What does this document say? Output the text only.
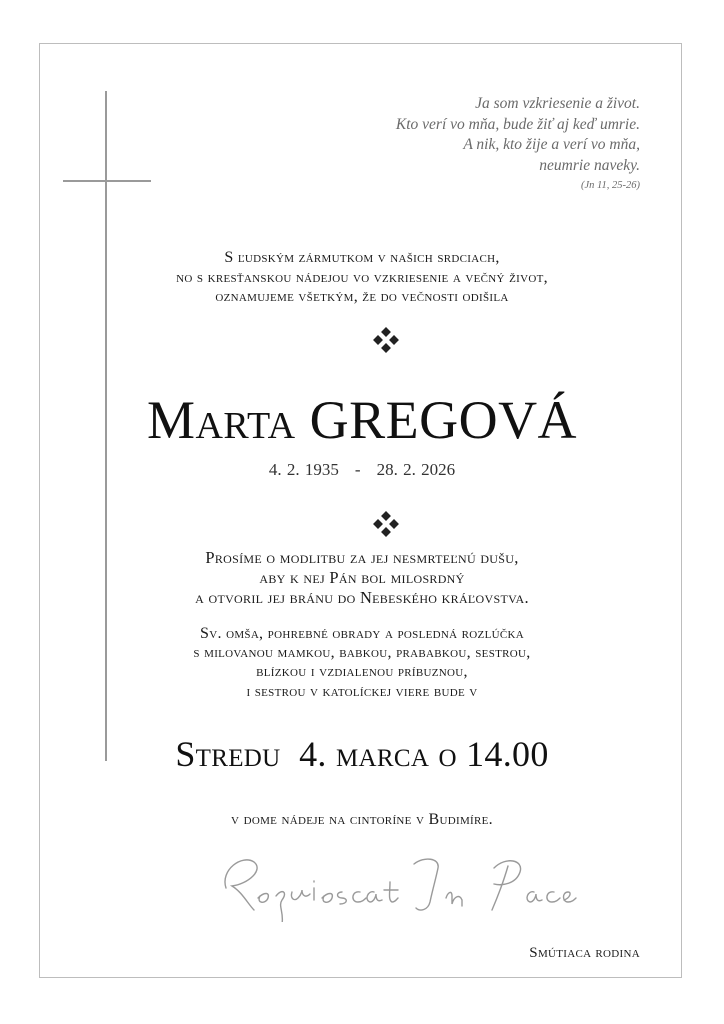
Ja som vzkriesenie a život.
Kto verí vo mňa, bude žiť aj keď umrie.
A nik, kto žije a verí vo mňa,
neumrie naveky.
(Jn 11, 25-26)
S ľudským zármutkom v našich srdciach,
no s kresťanskou nádejou vo vzkriesenie a večný život,
oznamujeme všetkým, že do večnosti odišila
Marta GREGOVÁ
4. 2. 1935 - 28. 2. 2026
Prosíme o modlitbu za jej nesmrteľnú dušu,
aby k nej Pán bol milosrdný
a otvoril jej bránu do Nebeského kráľovstva.
Sv. omša, pohrebné obrady a posledná rozlúčka
s milovanou mamkou, babkou, prababkou, sestrou,
blízkou i vzdialenou príbuznou,
i sestrou v katolíckej viere bude v
Stredu  4. marca o 14.00
v dome nádeje na cintoríne v Budimíre.
Smútiaca rodina
